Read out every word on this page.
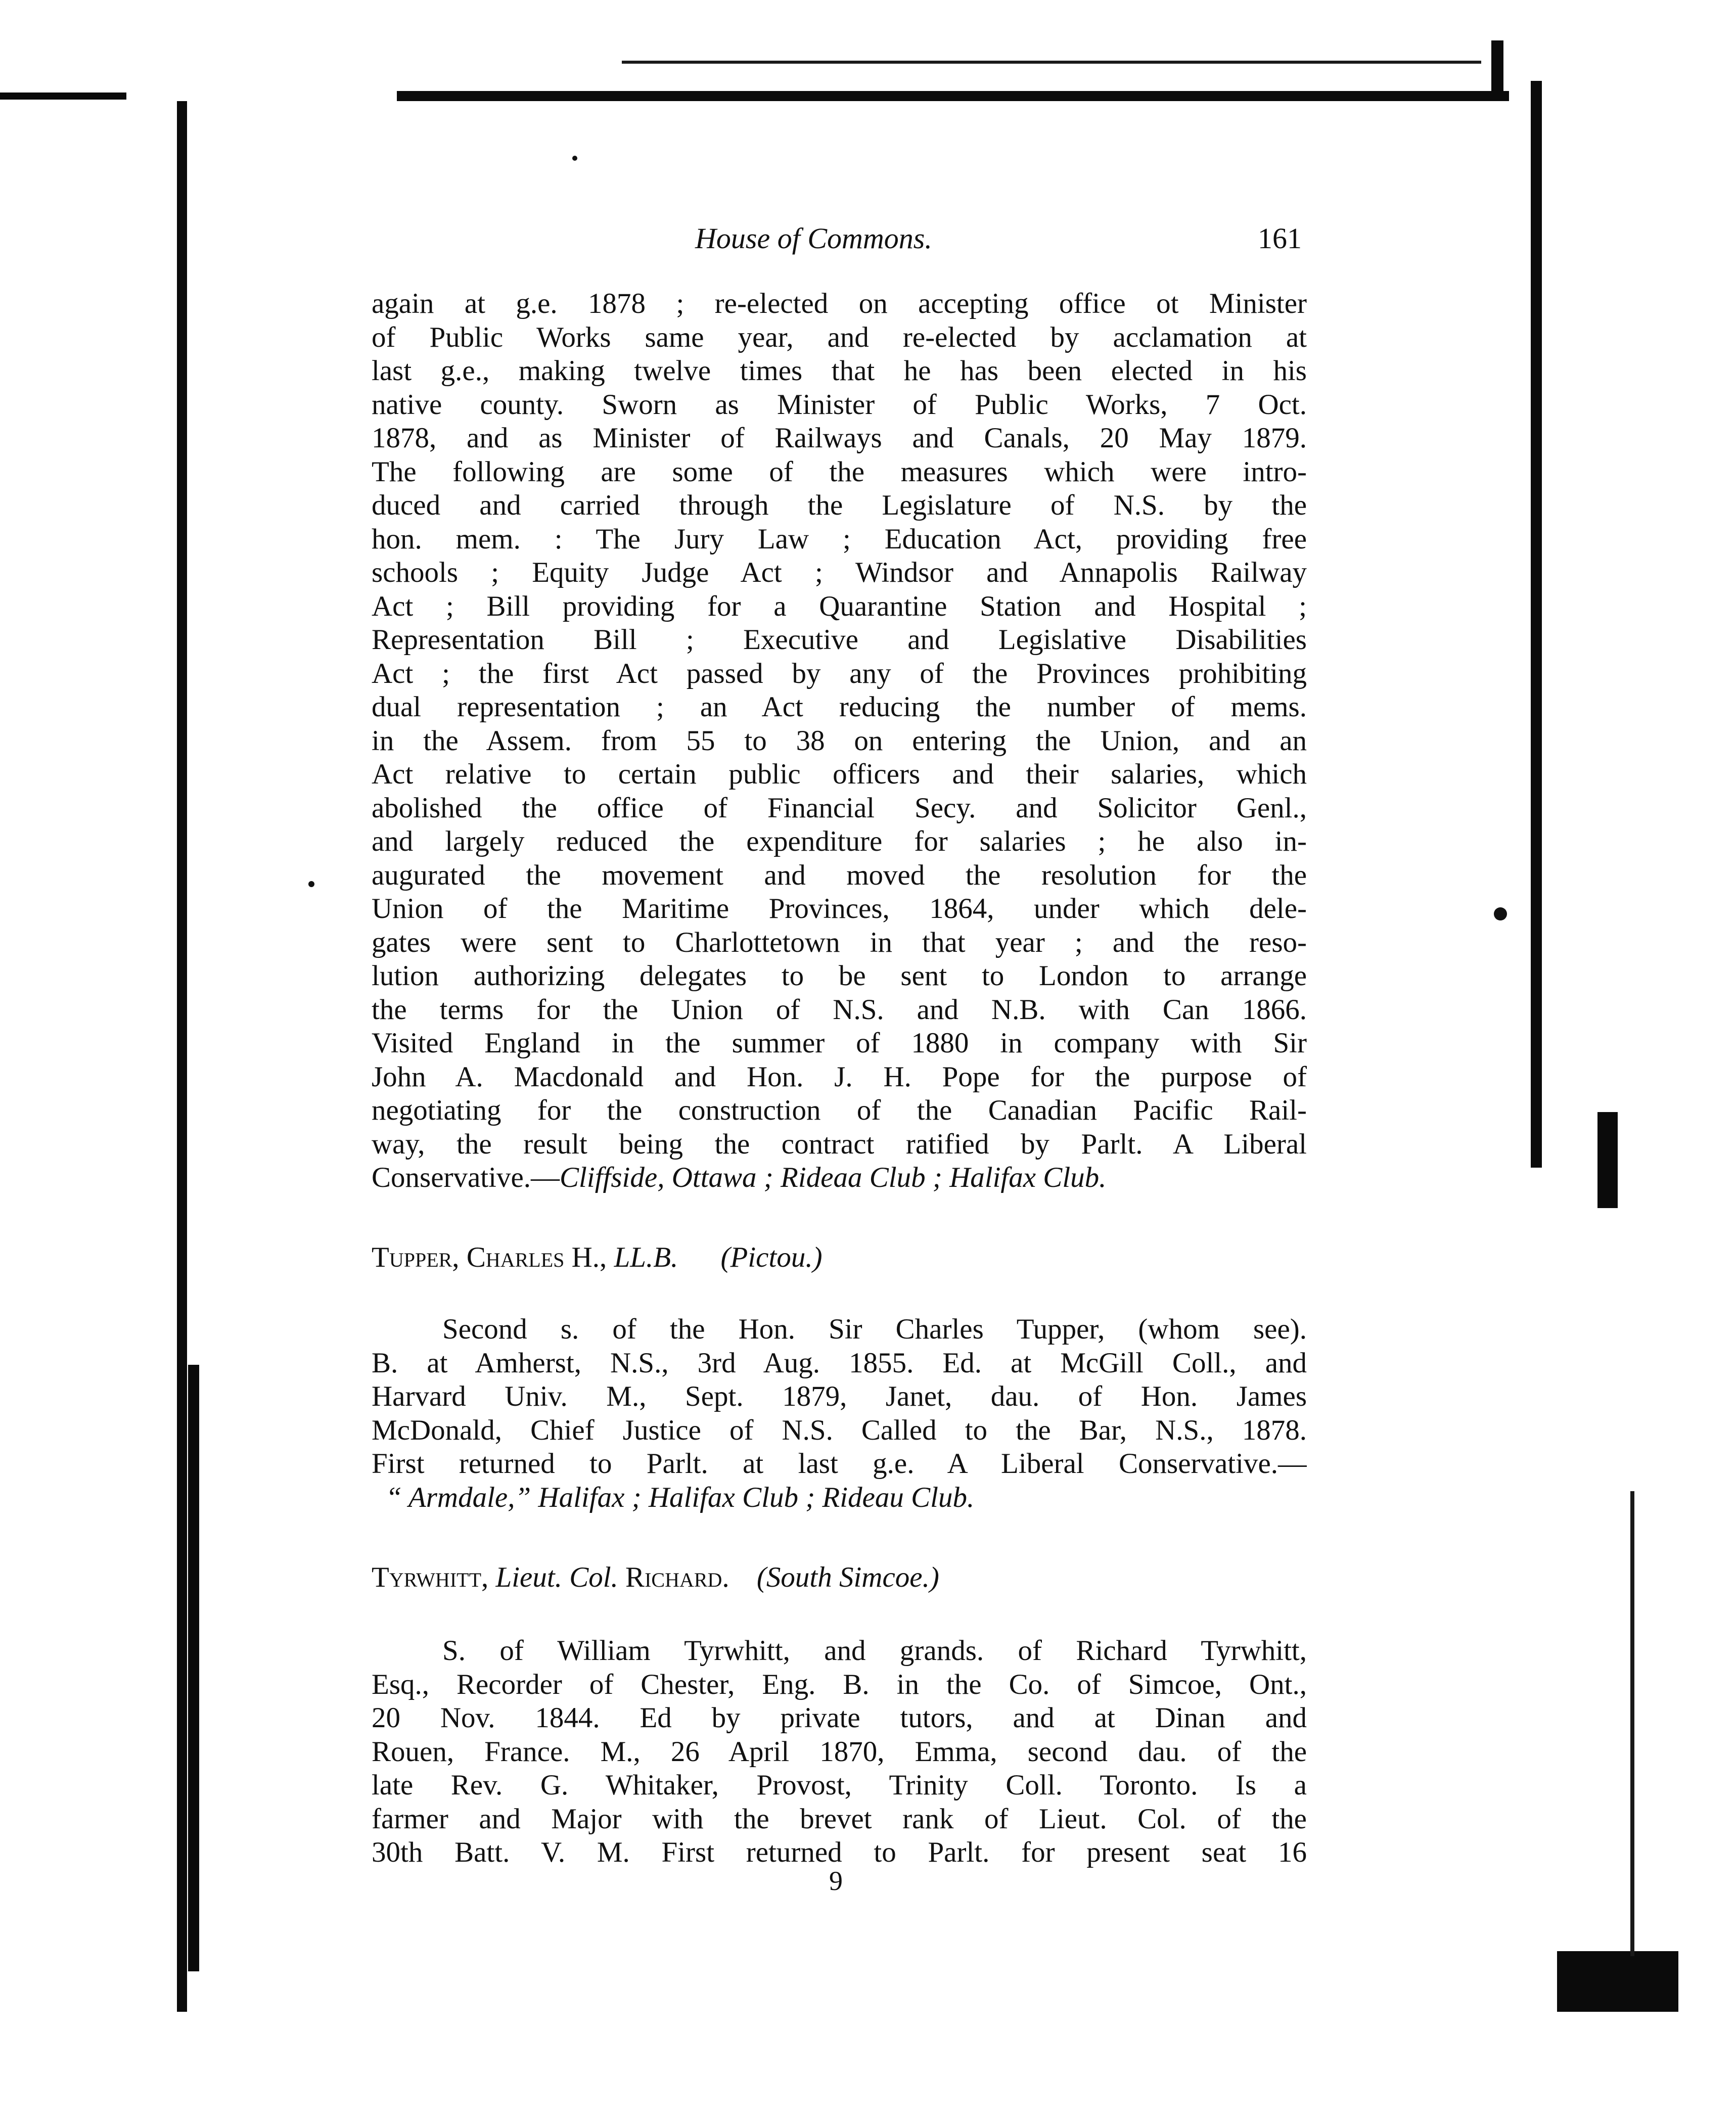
House of Commons.	161
again at g.e. 1878 ; re-elected on accepting office ot Minister
of Public Works same year, and re-elected by acclamation at
last g.e., making twelve times that he has been elected in his
native county. Sworn as Minister of Public Works, 7 Oct.
1878, and as Minister of Railways and Canals, 20 May 1879.
The following are some of the measures which were intro-
duced and carried through the Legislature of N.S. by the
hon. mem. : The Jury Law ; Education Act, providing free
schools ; Equity Judge Act ; Windsor and Annapolis Railway
Act ; Bill providing for a Quarantine Station and Hospital ;
Representation Bill ; Executive and Legislative Disabilities
Act ; the first Act passed by any of the Provinces prohibiting
dual representation ; an Act reducing the number of mems.
in the Assem. from 55 to 38 on entering the Union, and an
Act relative to certain public officers and their salaries, which
abolished the office of Financial Secy. and Solicitor Genl.,
and largely reduced the expenditure for salaries ; he also in-
augurated the movement and moved the resolution for the
Union of the Maritime Provinces, 1864, under which dele-
gates were sent to Charlottetown in that year ; and the reso-
lution authorizing delegates to be sent to London to arrange
the terms for the Union of N.S. and N.B. with Can 1866.
Visited England in the summer of 1880 in company with Sir
John A. Macdonald and Hon. J. H. Pope for the purpose of
negotiating for the construction of the Canadian Pacific Rail-
way, the result being the contract ratified by Parlt. A Liberal
Conservative.—Cliffside, Ottawa ; Rideaa Club ; Halifax Club.
Tupper, Charles H., LL.B. (Pictou.)
Second s. of the Hon. Sir Charles Tupper, (whom see).
B. at Amherst, N.S., 3rd Aug. 1855. Ed. at McGill Coll., and
Harvard Univ. M., Sept. 1879, Janet, dau. of Hon. James
McDonald, Chief Justice of N.S. Called to the Bar, N.S., 1878.
First returned to Parlt. at last g.e. A Liberal Conservative.—
“ Armdale,” Halifax ; Halifax Club ; Rideau Club.
Tyrwhitt, Lieut. Col. Richard. (South Simcoe.)
S. of William Tyrwhitt, and grands. of Richard Tyrwhitt,
Esq., Recorder of Chester, Eng. B. in the Co. of Simcoe, Ont.,
20 Nov. 1844. Ed by private tutors, and at Dinan and
Rouen, France. M., 26 April 1870, Emma, second dau. of the
late Rev. G. Whitaker, Provost, Trinity Coll. Toronto. Is a
farmer and Major with the brevet rank of Lieut. Col. of the
30th Batt. V. M. First returned to Parlt. for present seat 16
9
